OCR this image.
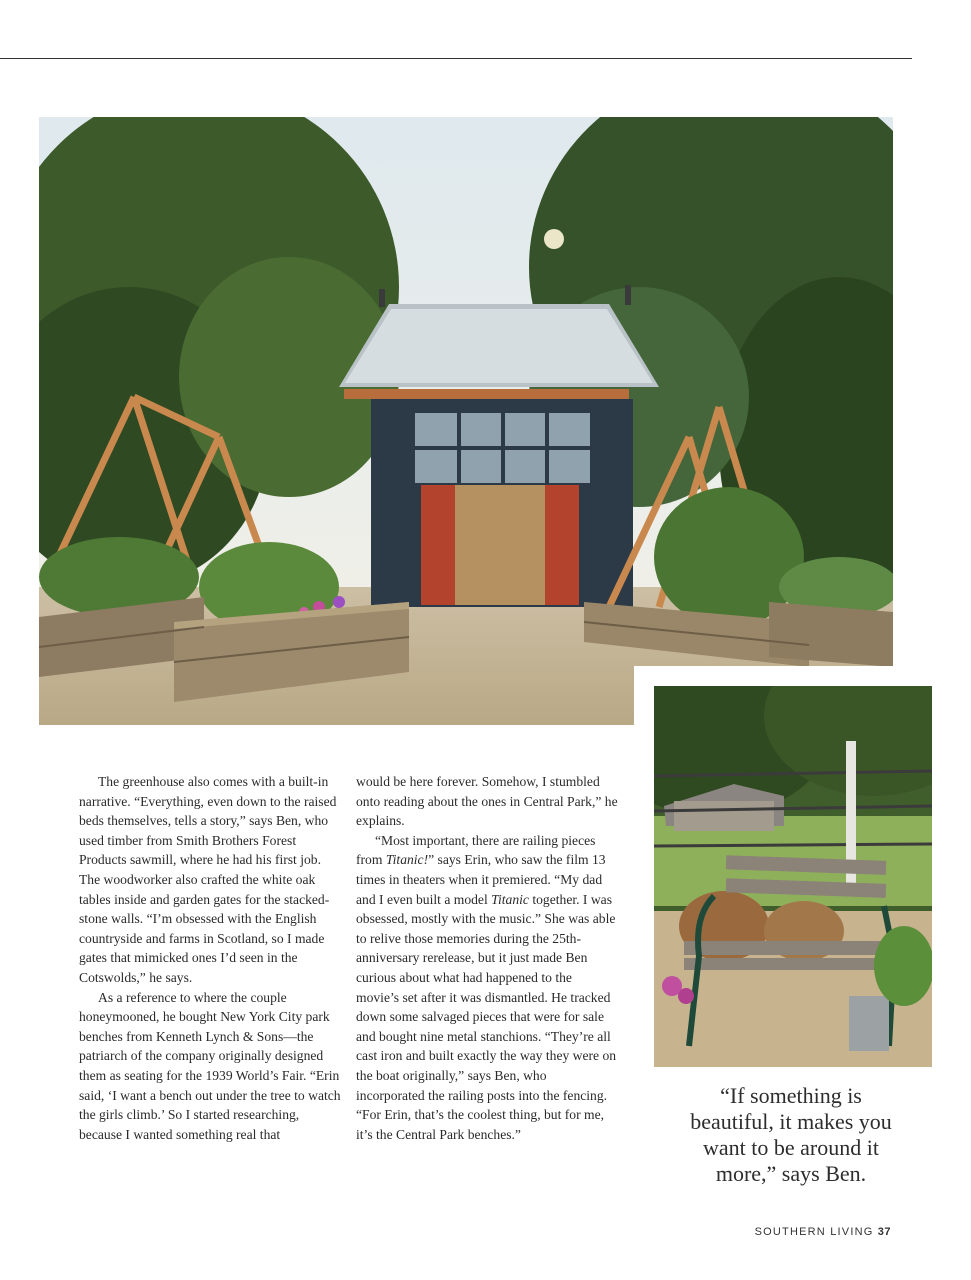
The greenhouse also comes with a built-in narrative. “Everything, even down to the raised beds themselves, tells a story,” says Ben, who used timber from Smith Brothers Forest Products sawmill, where he had his first job. The woodworker also crafted the white oak tables inside and garden gates for the stacked-stone walls. “I’m obsessed with the English countryside and farms in Scotland, so I made gates that mimicked ones I’d seen in the Cotswolds,” he says.

As a reference to where the couple honeymooned, he bought New York City park benches from Kenneth Lynch & Sons—the patriarch of the company originally designed them as seating for the 1939 World’s Fair. “Erin said, ‘I want a bench out under the tree to watch the girls climb.’ So I started researching, because I wanted something real that

would be here forever. Somehow, I stumbled onto reading about the ones in Central Park,” he explains.

“Most important, there are railing pieces from Titanic!” says Erin, who saw the film 13 times in theaters when it premiered. “My dad and I even built a model Titanic together. I was obsessed, mostly with the music.” She was able to relive those memories during the 25th-anniversary rerelease, but it just made Ben curious about what had happened to the movie’s set after it was dismantled. He tracked down some salvaged pieces that were for sale and bought nine metal stanchions. “They’re all cast iron and built exactly the way they were on the boat originally,” says Ben, who incorporated the railing posts into the fencing. “For Erin, that’s the coolest thing, but for me, it’s the Central Park benches.”

“If something is beautiful, it makes you want to be around it more,” says Ben.
SOUTHERN LIVING 37
